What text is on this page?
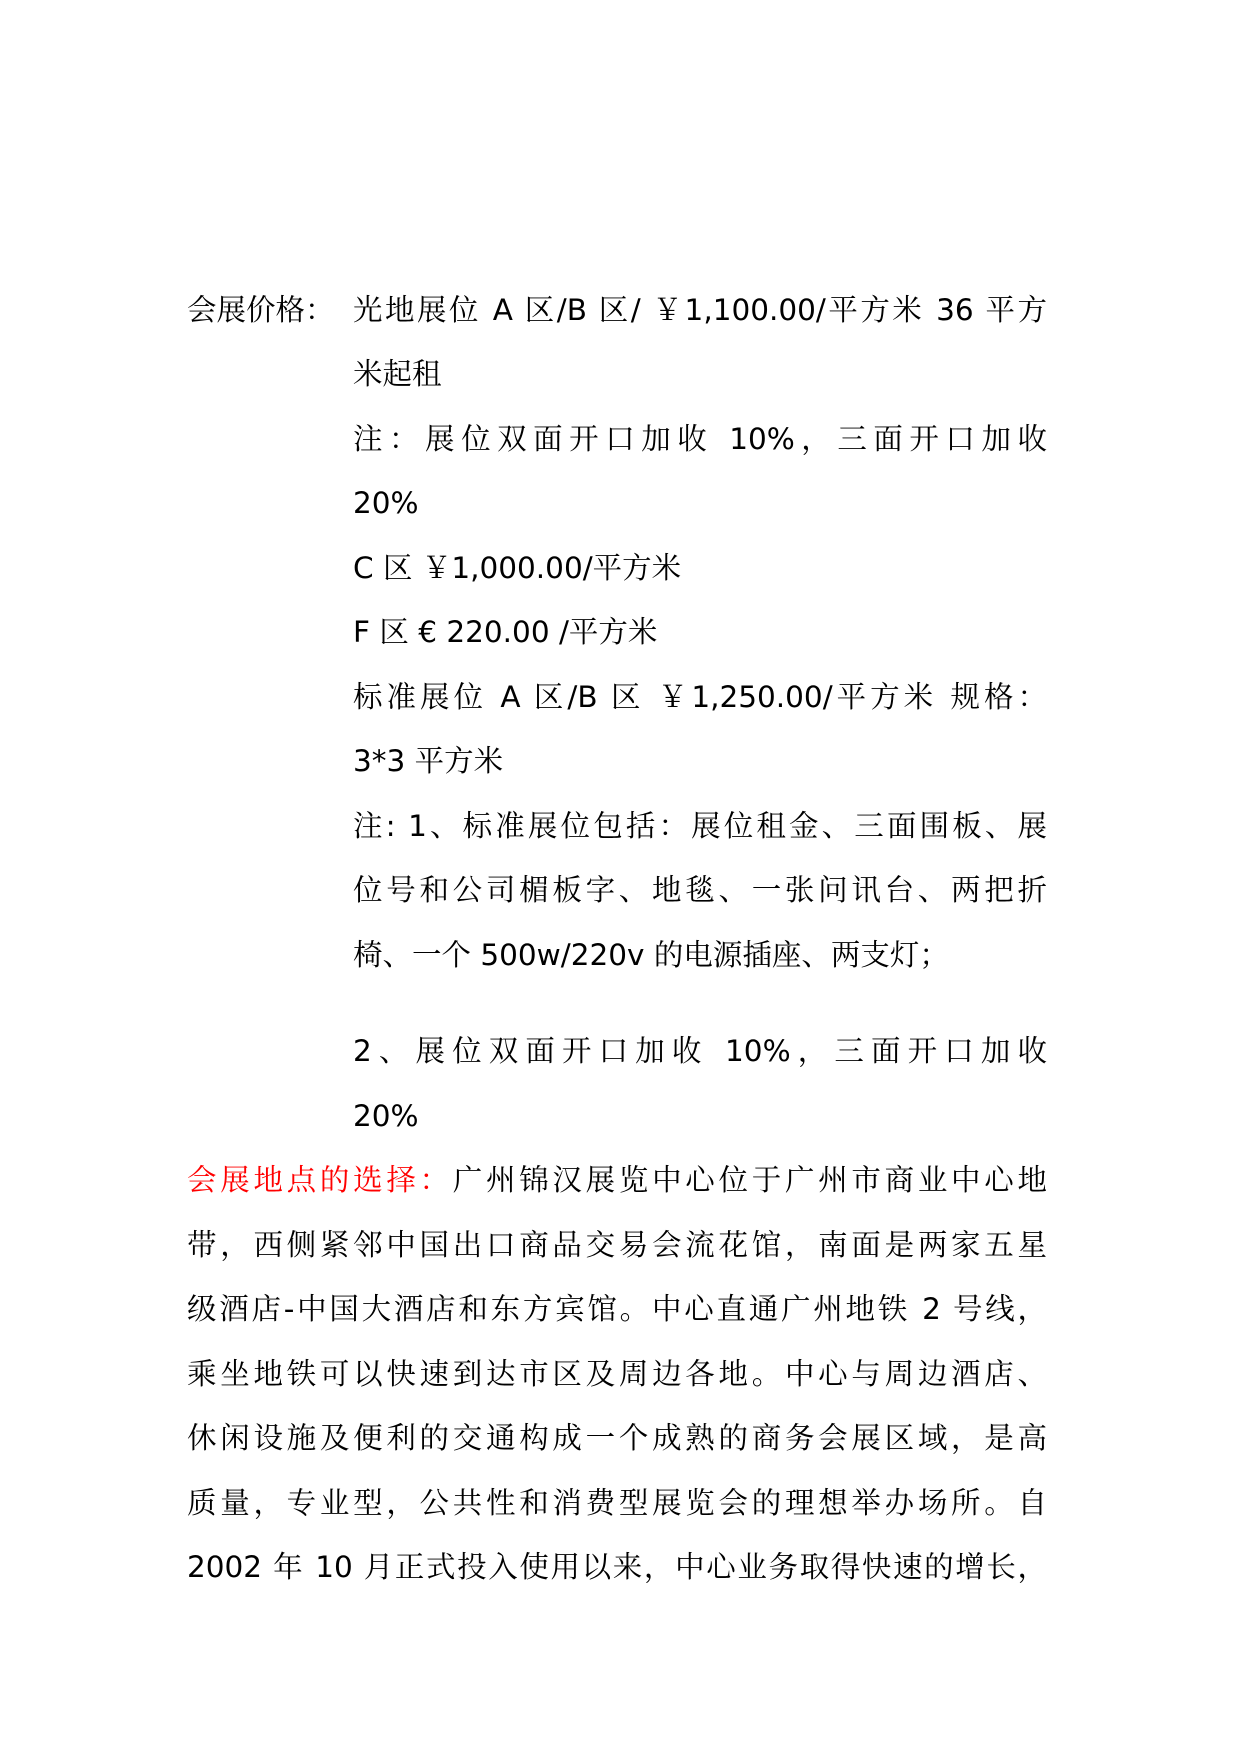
会展价格： 光地展位 A 区/B 区/ ￥1,100.00/平方米 36 平方
米起租
注：展位双面开口加收 10%，三面开口加收
20%
C 区 ￥1,000.00/平方米
F 区 € 220.00 /平方米
标准展位 A 区/B 区 ￥1,250.00/平方米 规格：
3*3 平方米
注: 1、标准展位包括：展位租金、三面围板、展
位号和公司楣板字、地毯、一张问讯台、两把折
椅、一个 500w/220v 的电源插座、两支灯；
2、展位双面开口加收 10%，三面开口加收
20%
会展地点的选择：广州锦汉展览中心位于广州市商业中心地
带，西侧紧邻中国出口商品交易会流花馆，南面是两家五星
级酒店-中国大酒店和东方宾馆。中心直通广州地铁 2 号线，
乘坐地铁可以快速到达市区及周边各地。中心与周边酒店、
休闲设施及便利的交通构成一个成熟的商务会展区域，是高
质量，专业型，公共性和消费型展览会的理想举办场所。自
2002 年 10 月正式投入使用以来，中心业务取得快速的增长，
